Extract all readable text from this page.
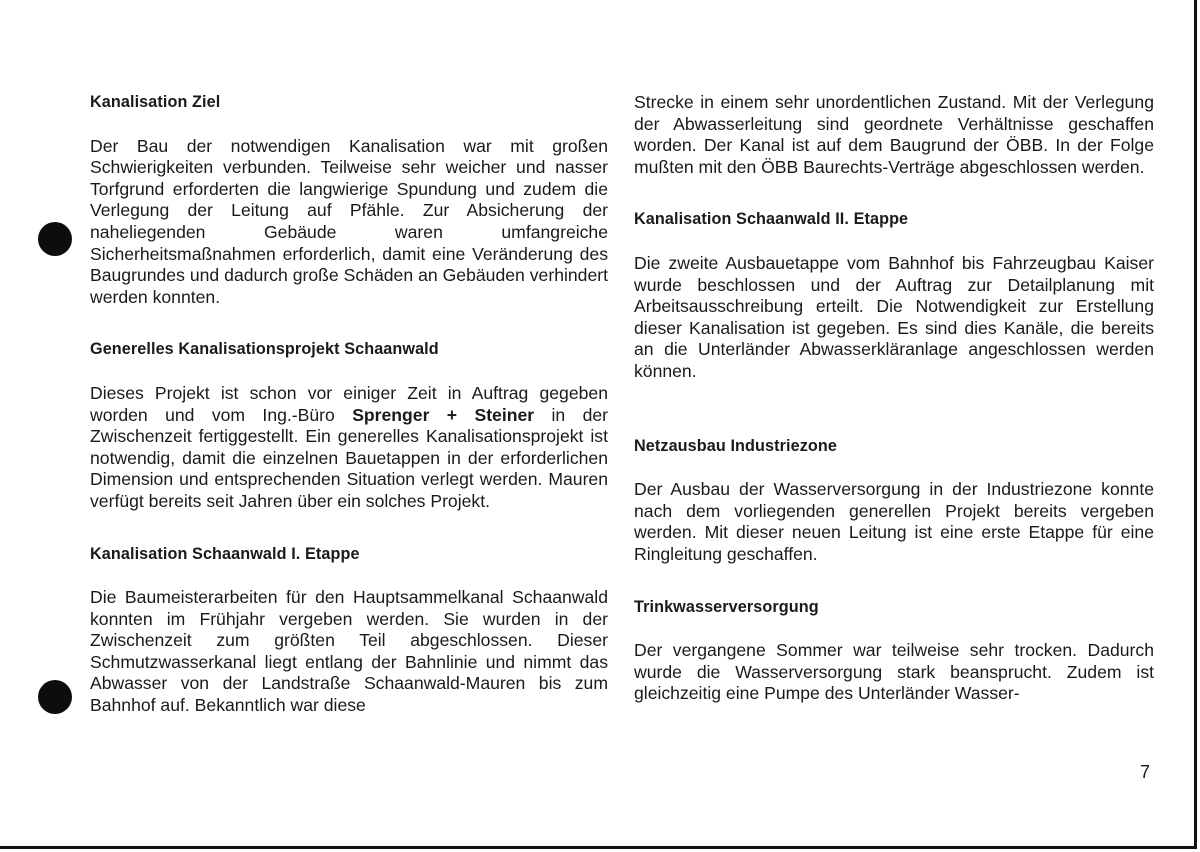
Kanalisation Ziel

Der Bau der notwendigen Kanalisation war mit großen Schwierigkeiten verbunden. Teilweise sehr weicher und nasser Torfgrund erforderten die langwierige Spundung und zudem die Verlegung der Leitung auf Pfähle. Zur Absicherung der naheliegenden Gebäude waren umfangreiche Sicherheitsmaßnahmen erforderlich, damit eine Veränderung des Baugrundes und dadurch große Schäden an Gebäuden verhindert werden konnten.

Generelles Kanalisationsprojekt Schaanwald

Dieses Projekt ist schon vor einiger Zeit in Auftrag gegeben worden und vom Ing.-Büro Sprenger + Steiner in der Zwischenzeit fertiggestellt. Ein generelles Kanalisationsprojekt ist notwendig, damit die einzelnen Bauetappen in der erforderlichen Dimension und entsprechenden Situation verlegt werden. Mauren verfügt bereits seit Jahren über ein solches Projekt.

Kanalisation Schaanwald I. Etappe

Die Baumeisterarbeiten für den Hauptsammelkanal Schaanwald konnten im Frühjahr vergeben werden. Sie wurden in der Zwischenzeit zum größten Teil abgeschlossen. Dieser Schmutzwasserkanal liegt entlang der Bahnlinie und nimmt das Abwasser von der Landstraße Schaanwald-Mauren bis zum Bahnhof auf. Bekanntlich war diese

Strecke in einem sehr unordentlichen Zustand. Mit der Verlegung der Abwasserleitung sind geordnete Verhältnisse geschaffen worden. Der Kanal ist auf dem Baugrund der ÖBB. In der Folge mußten mit den ÖBB Baurechts-Verträge abgeschlossen werden.

Kanalisation Schaanwald II. Etappe

Die zweite Ausbauetappe vom Bahnhof bis Fahrzeugbau Kaiser wurde beschlossen und der Auftrag zur Detailplanung mit Arbeitsausschreibung erteilt. Die Notwendigkeit zur Erstellung dieser Kanalisation ist gegeben. Es sind dies Kanäle, die bereits an die Unterländer Abwasserkläranlage angeschlossen werden können.

Netzausbau Industriezone

Der Ausbau der Wasserversorgung in der Industriezone konnte nach dem vorliegenden generellen Projekt bereits vergeben werden. Mit dieser neuen Leitung ist eine erste Etappe für eine Ringleitung geschaffen.

Trinkwasserversorgung

Der vergangene Sommer war teilweise sehr trocken. Dadurch wurde die Wasserversorgung stark beansprucht. Zudem ist gleichzeitig eine Pumpe des Unterländer Wasser-

7
